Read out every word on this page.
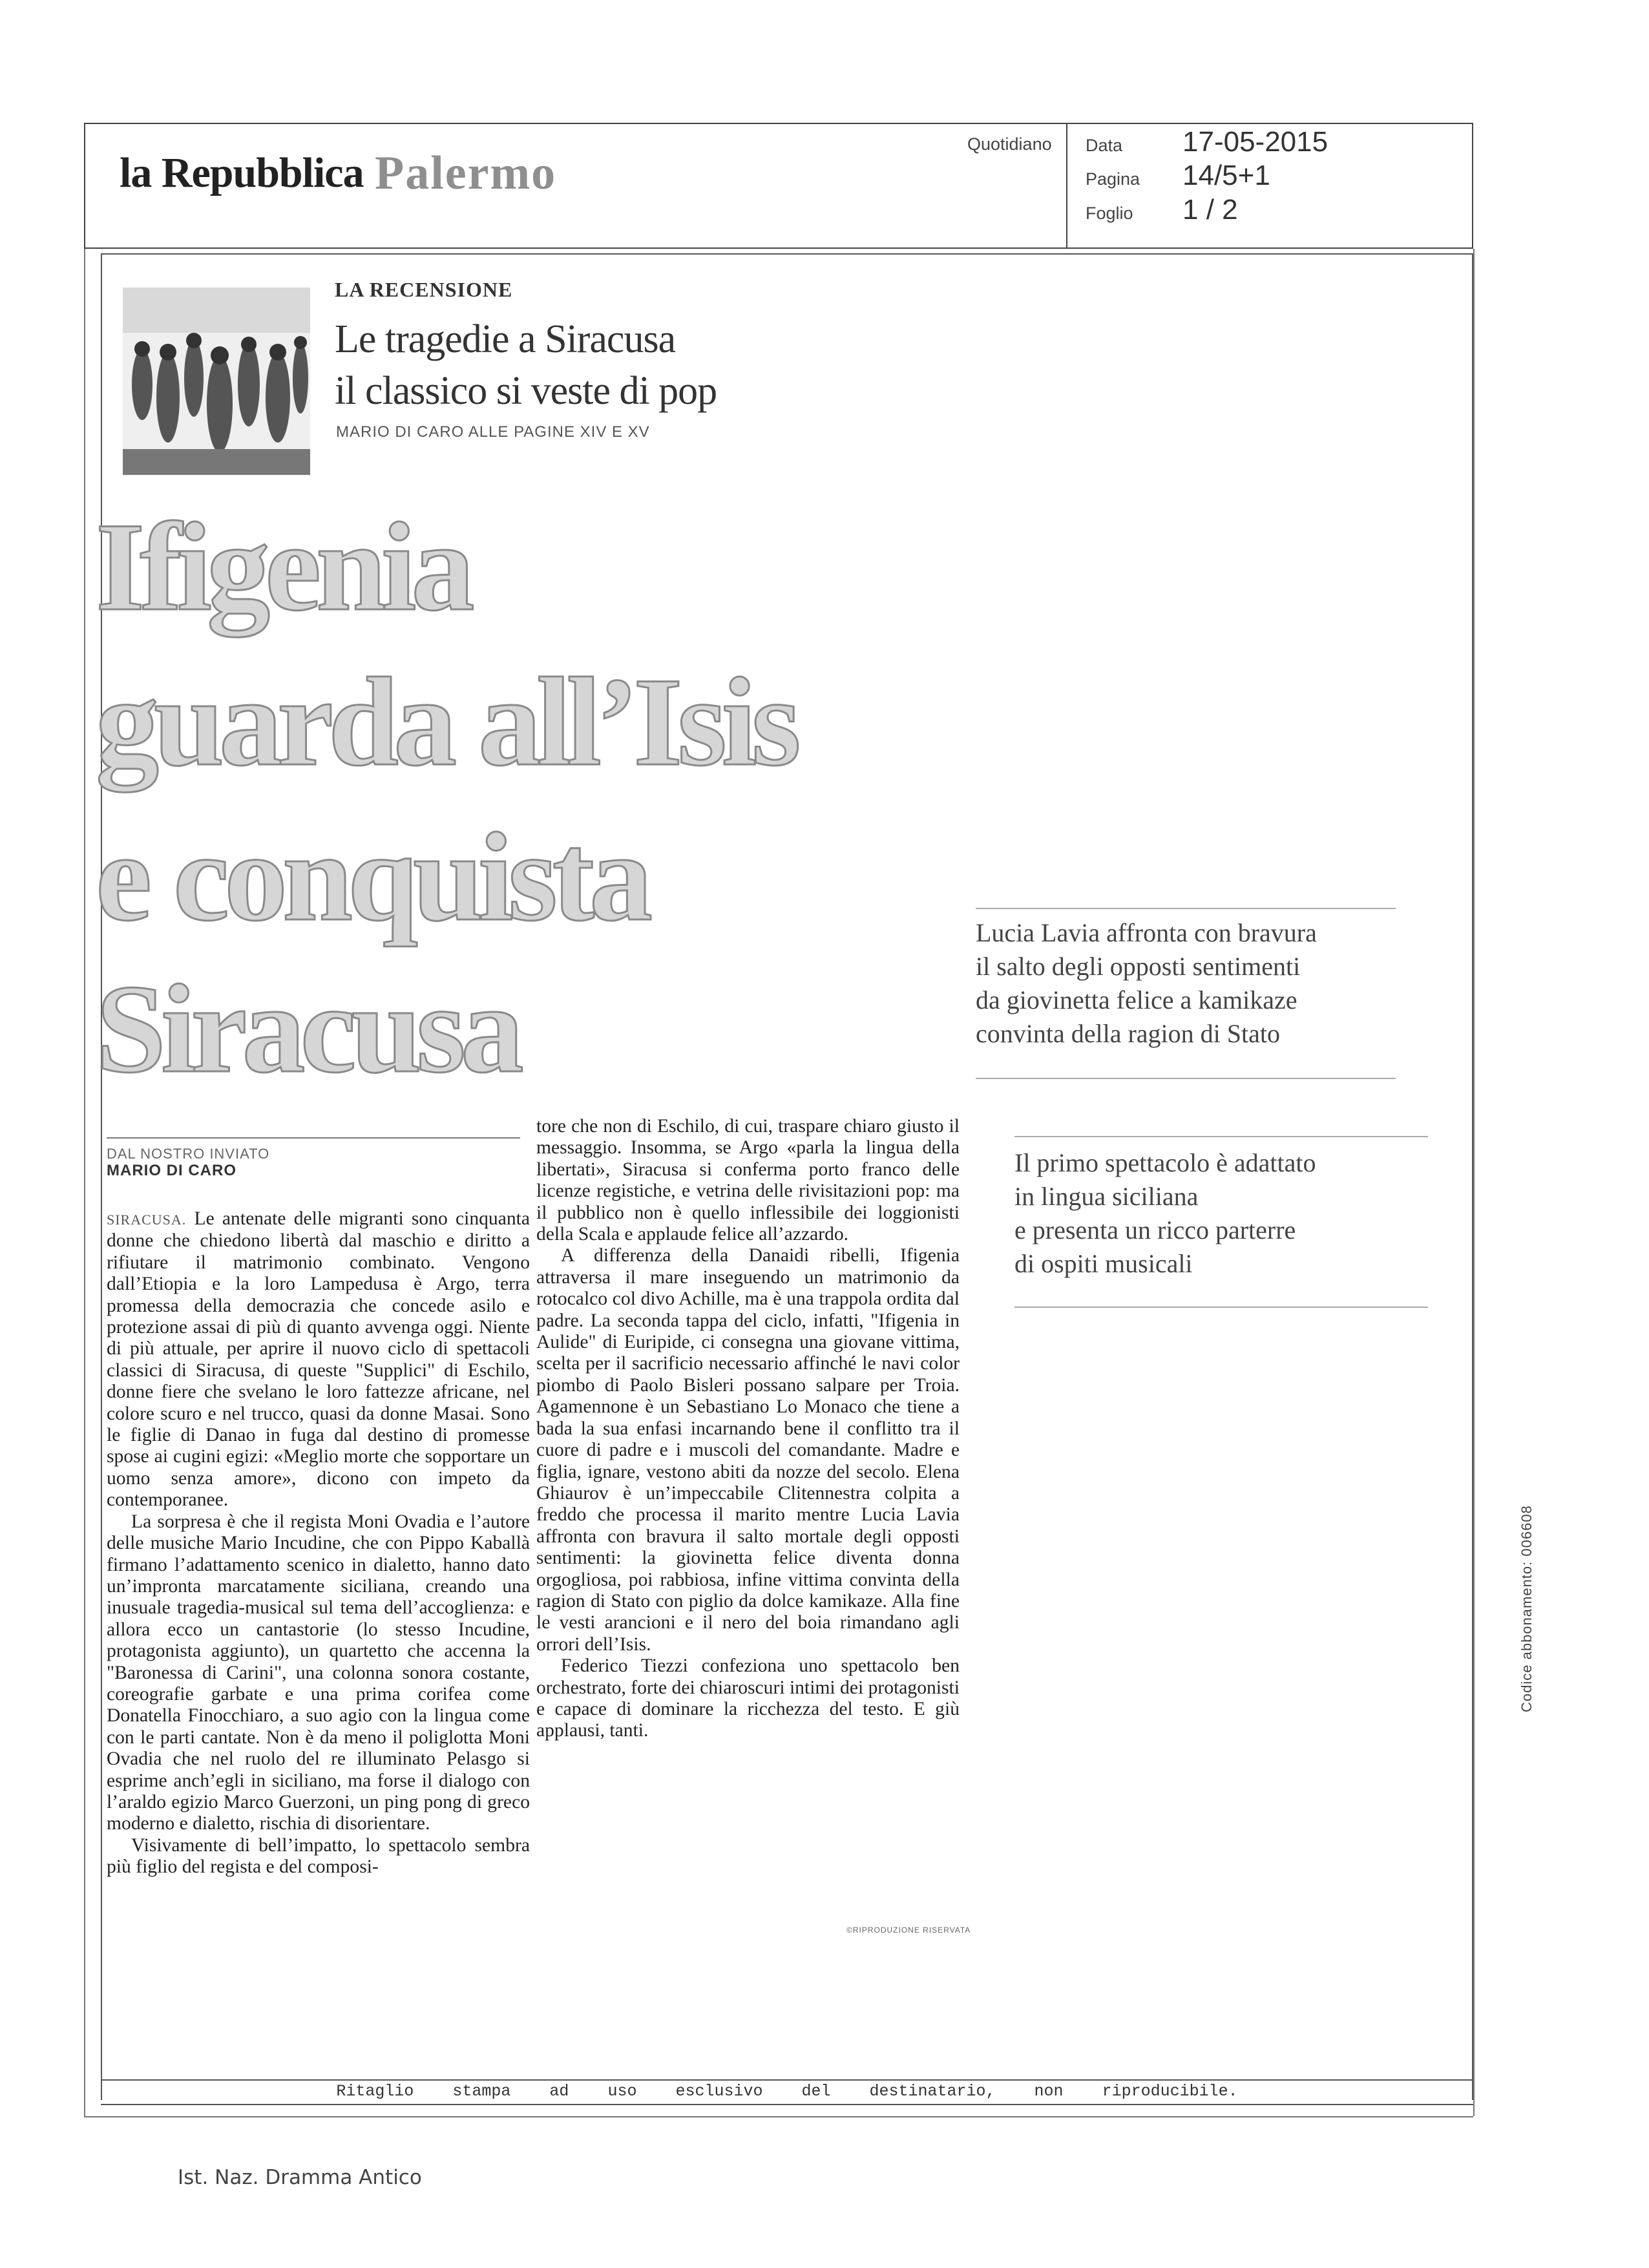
la Repubblica Palermo
Quotidiano Data 17-05-2015
Pagina 14/5+1
Foglio 1 / 2
LA RECENSIONE
Le tragedie a Siracusa
il classico si veste di pop
MARIO DI CARO ALLE PAGINE XIV E XV
Ifigenia
guarda all’Isis
e conquista
Siracusa
Lucia Lavia affronta con bravura
il salto degli opposti sentimenti
da giovinetta felice a kamikaze
convinta della ragion di Stato
Il primo spettacolo è adattato
in lingua siciliana
e presenta un ricco parterre
di ospiti musicali
DAL NOSTRO INVIATO
MARIO DI CARO

SIRACUSA. Le antenate delle migranti sono cinquanta donne che chiedono libertà dal maschio e diritto a rifiutare il matrimonio combinato. Vengono dall’Etiopia e la loro Lampedusa è Argo, terra promessa della democrazia che concede asilo e protezione assai di più di quanto avvenga oggi. Niente di più attuale, per aprire il nuovo ciclo di spettacoli classici di Siracusa, di queste "Supplici" di Eschilo, donne fiere che svelano le loro fattezze africane, nel colore scuro e nel trucco, quasi da donne Masai. Sono le figlie di Danao in fuga dal destino di promesse spose ai cugini egizi: «Meglio morte che sopportare un uomo senza amore», dicono con impeto da contemporanee.

La sorpresa è che il regista Moni Ovadia e l’autore delle musiche Mario Incudine, che con Pippo Kaballà firmano l’adattamento scenico in dialetto, hanno dato un’impronta marcatamente siciliana, creando una inusuale tragedia-musical sul tema dell’accoglienza: e allora ecco un cantastorie (lo stesso Incudine, protagonista aggiunto), un quartetto che accenna la "Baronessa di Carini", una colonna sonora costante, coreografie garbate e una prima corifea come Donatella Finocchiaro, a suo agio con la lingua come con le parti cantate. Non è da meno il poliglotta Moni Ovadia che nel ruolo del re illuminato Pelasgo si esprime anch’egli in siciliano, ma forse il dialogo con l’araldo egizio Marco Guerzoni, un ping pong di greco moderno e dialetto, rischia di disorientare.

Visivamente di bell’impatto, lo spettacolo sembra più figlio del regista e del composi-

tore che non di Eschilo, di cui, traspare chiaro giusto il messaggio. Insomma, se Argo «parla la lingua della libertati», Siracusa si conferma porto franco delle licenze registiche, e vetrina delle rivisitazioni pop: ma il pubblico non è quello inflessibile dei loggionisti della Scala e applaude felice all’azzardo.

A differenza della Danaidi ribelli, Ifigenia attraversa il mare inseguendo un matrimonio da rotocalco col divo Achille, ma è una trappola ordita dal padre. La seconda tappa del ciclo, infatti, "Ifigenia in Aulide" di Euripide, ci consegna una giovane vittima, scelta per il sacrificio necessario affinché le navi color piombo di Paolo Bisleri possano salpare per Troia. Agamennone è un Sebastiano Lo Monaco che tiene a bada la sua enfasi incarnando bene il conflitto tra il cuore di padre e i muscoli del comandante. Madre e figlia, ignare, vestono abiti da nozze del secolo. Elena Ghiaurov è un’impeccabile Clitennestra colpita a freddo che processa il marito mentre Lucia Lavia affronta con bravura il salto mortale degli opposti sentimenti: la giovinetta felice diventa donna orgogliosa, poi rabbiosa, infine vittima convinta della ragion di Stato con piglio da dolce kamikaze. Alla fine le vesti arancioni e il nero del boia rimandano agli orrori dell’Isis.

Federico Tiezzi confeziona uno spettacolo ben orchestrato, forte dei chiaroscuri intimi dei protagonisti e capace di dominare la ricchezza del testo. E giù applausi, tanti.

©RIPRODUZIONE RISERVATA
Ritaglio    stampa    ad    uso    esclusivo    del    destinatario,    non    riproducibile.
Codice abbonamento: 006608
Ist. Naz. Dramma Antico
